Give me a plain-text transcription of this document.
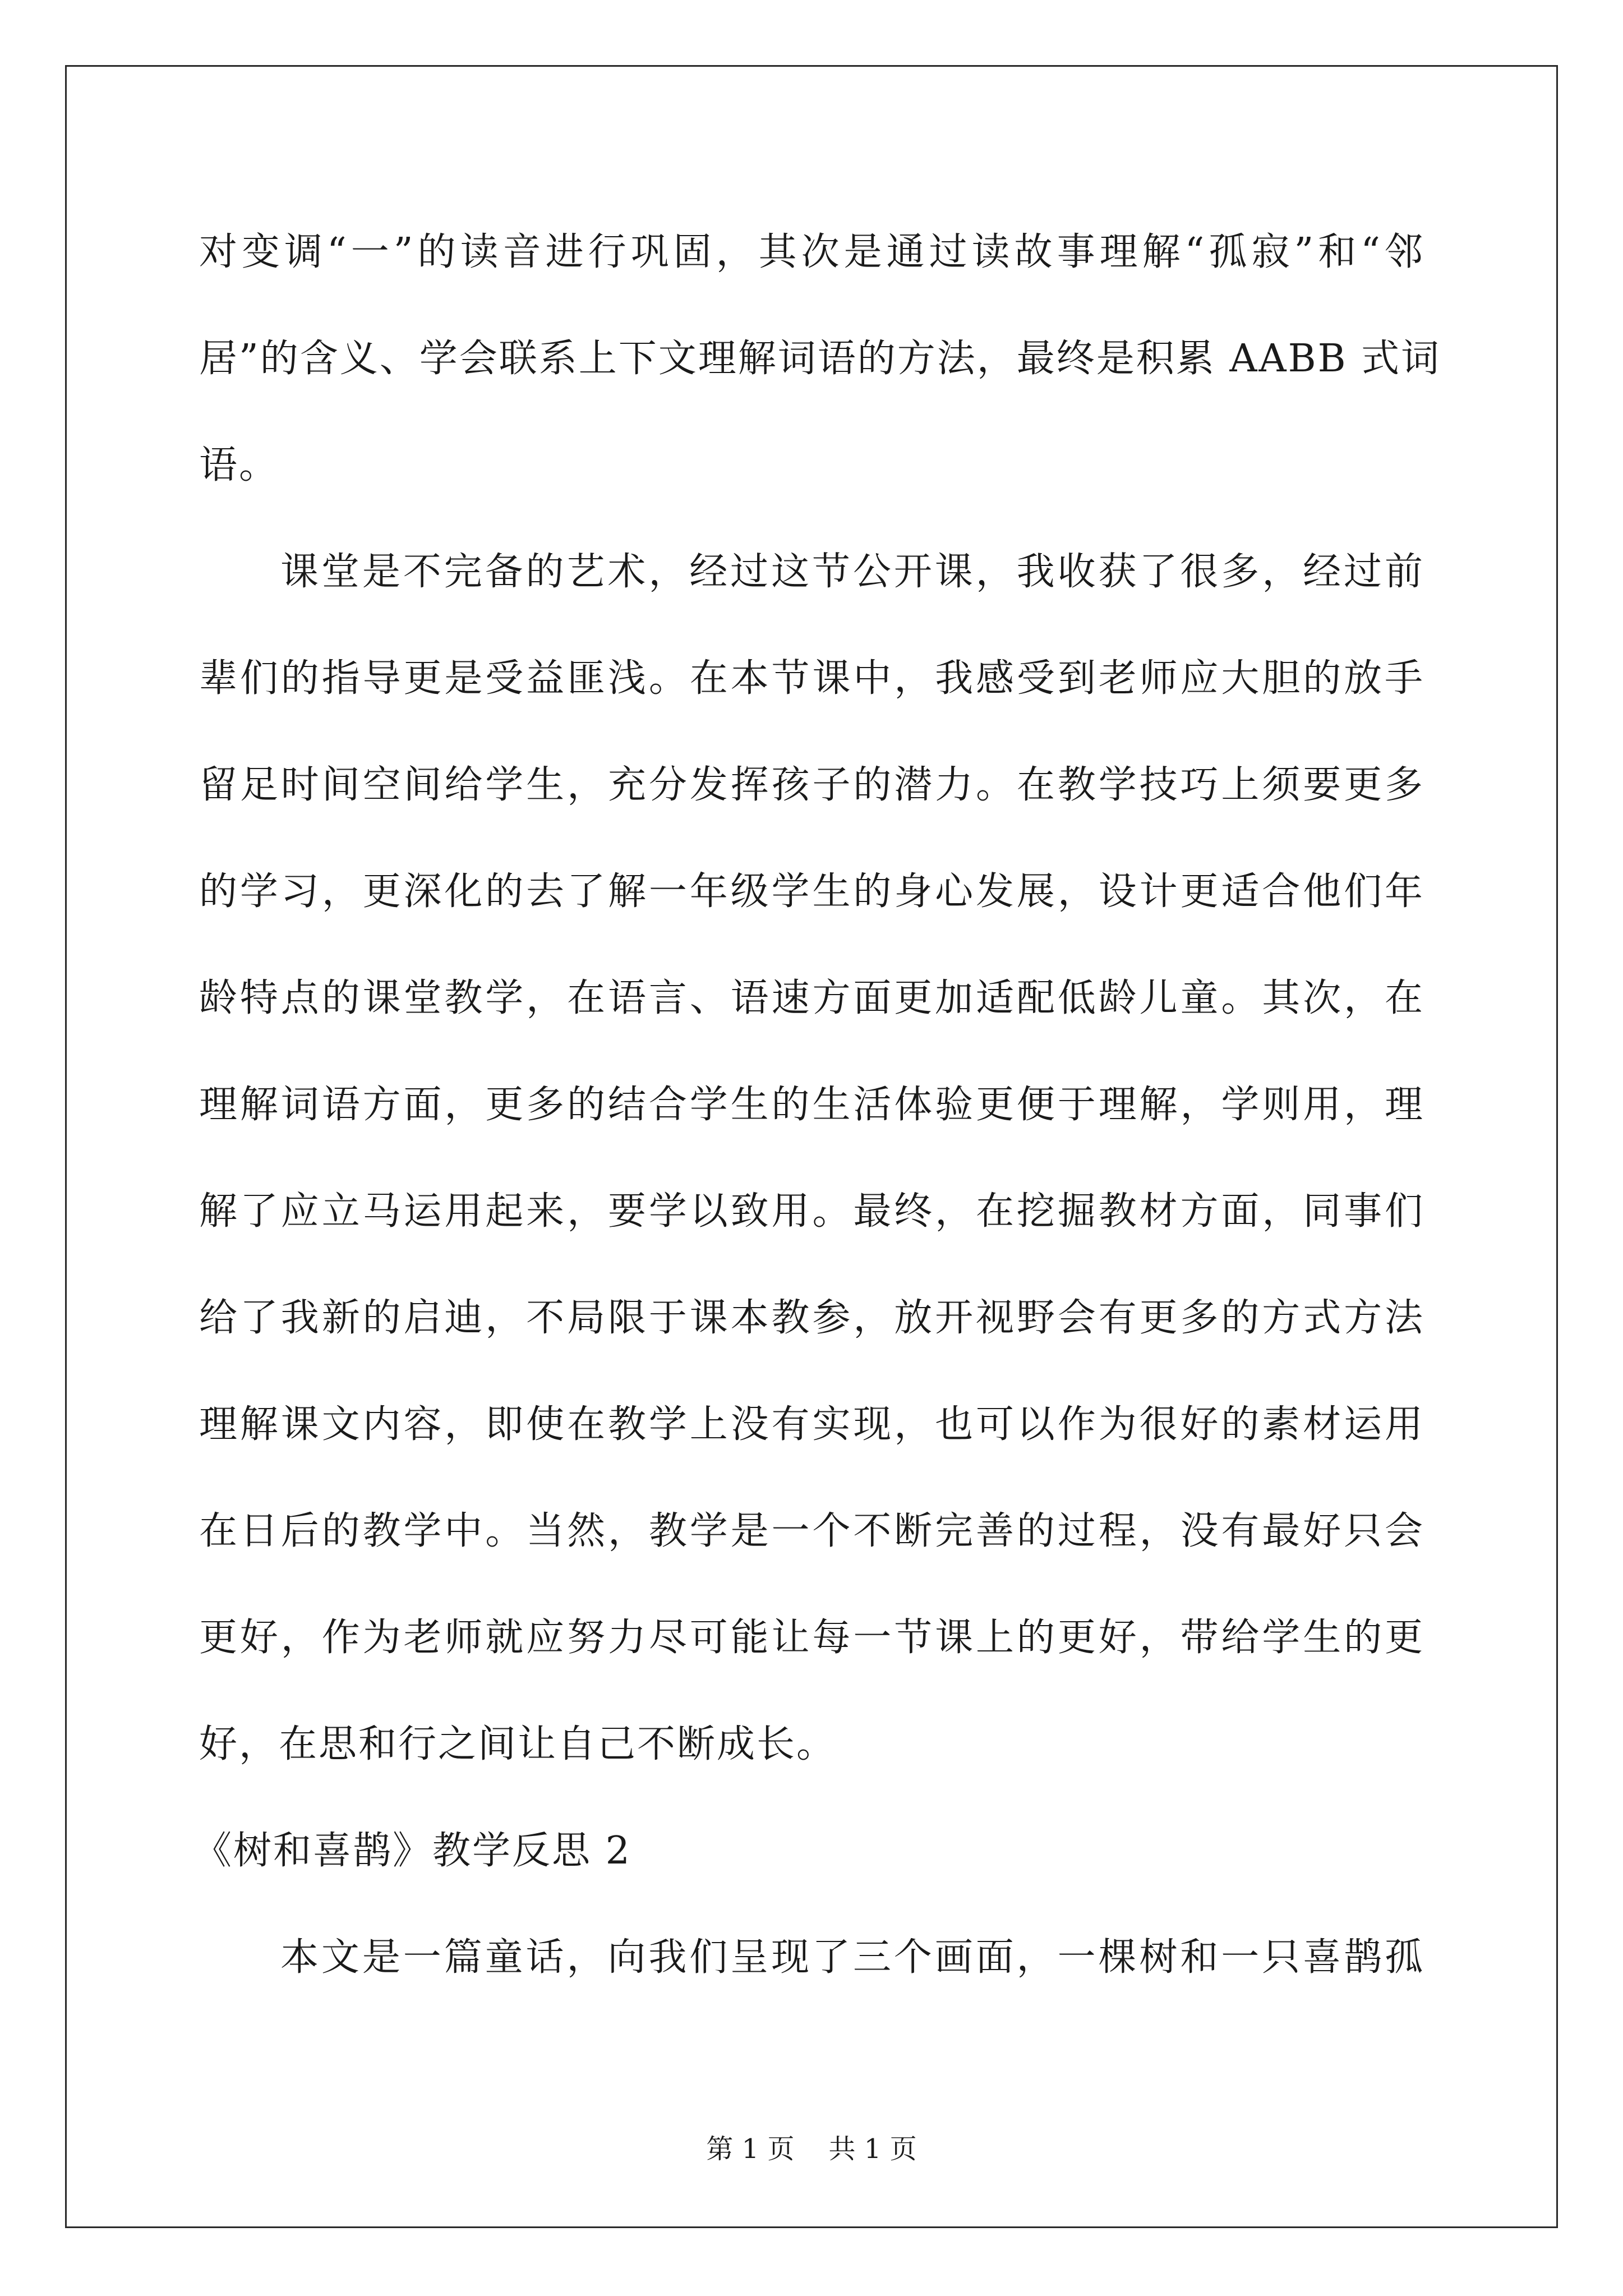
对变调“一”的读音进行巩固，其次是通过读故事理解“孤寂”和“邻
居”的含义、学会联系上下文理解词语的方法，最终是积累 AABB 式词
语。
课堂是不完备的艺术，经过这节公开课，我收获了很多，经过前
辈们的指导更是受益匪浅。在本节课中，我感受到老师应大胆的放手
留足时间空间给学生，充分发挥孩子的潜力。在教学技巧上须要更多
的学习，更深化的去了解一年级学生的身心发展，设计更适合他们年
龄特点的课堂教学，在语言、语速方面更加适配低龄儿童。其次，在
理解词语方面，更多的结合学生的生活体验更便于理解，学则用，理
解了应立马运用起来，要学以致用。最终，在挖掘教材方面，同事们
给了我新的启迪，不局限于课本教参，放开视野会有更多的方式方法
理解课文内容，即使在教学上没有实现，也可以作为很好的素材运用
在日后的教学中。当然，教学是一个不断完善的过程，没有最好只会
更好，作为老师就应努力尽可能让每一节课上的更好，带给学生的更
好，在思和行之间让自己不断成长。
《树和喜鹊》教学反思 2
本文是一篇童话，向我们呈现了三个画面，一棵树和一只喜鹊孤
第 1 页    共 1 页
